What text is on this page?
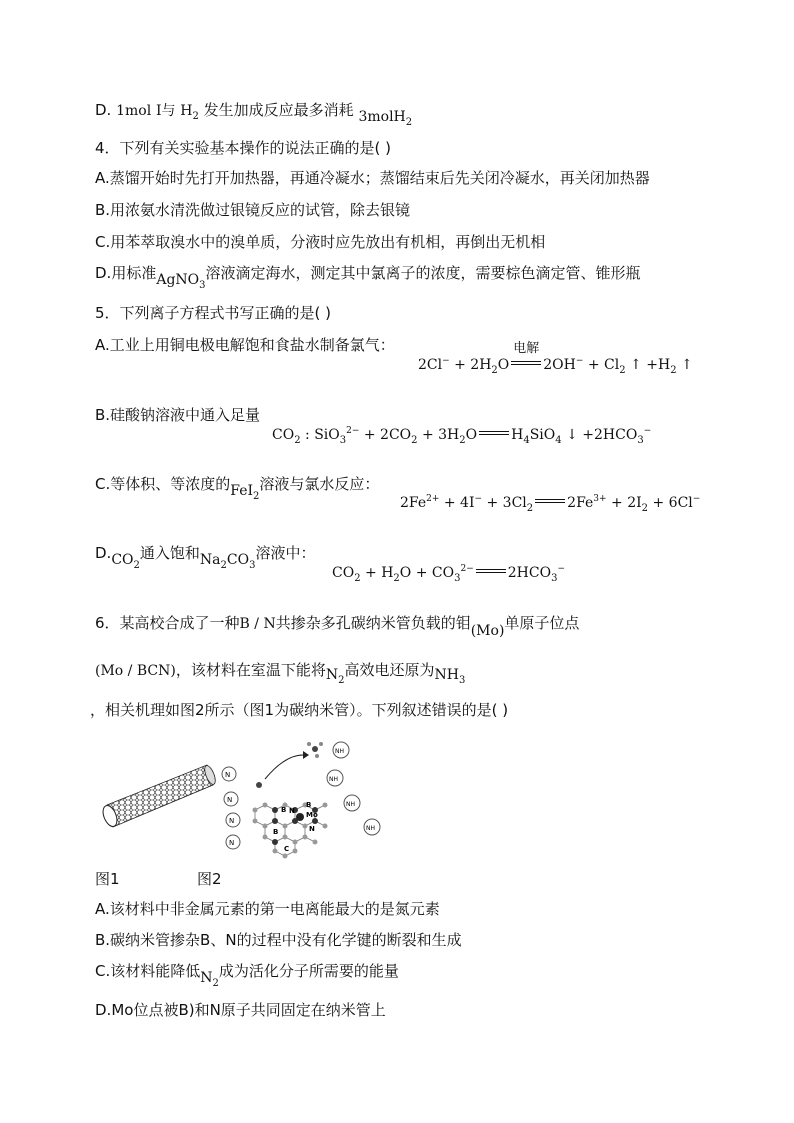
D. 1mol I与 $H_2$ 发生加成反应最多消耗 3molH$_2$
4．下列有关实验基本操作的说法正确的是( )
A.蒸馏开始时先打开加热器，再通冷凝水；蒸馏结束后先关闭冷凝水，再关闭加热器
B.用浓氨水清洗做过银镜反应的试管，除去银镜
C.用苯萃取溴水中的溴单质，分液时应先放出有机相，再倒出无机相
D.用标准AgNO$_3$溶液滴定海水，测定其中氯离子的浓度，需要棕色滴定管、锥形瓶
5．下列离子方程式书写正确的是( )
A.工业上用铜电极电解饱和食盐水制备氯气：
$2Cl^- + 2H_2O$
电解
$2OH^- + Cl_2$ ↑ $+H_2$ ↑
B.硅酸钠溶液中通入足量
$CO_2$ : $SiO_3^{2-} + 2CO_2 + 3H_2O$ $H_4SiO_4$ ↓ $+2HCO_3^-$
C.等体积、等浓度的FeI$_2$溶液与氯水反应：
$2Fe^{2+} + 4I^- + 3Cl_2$ $2Fe^{3+} + 2I_2 + 6Cl^-$
$D.CO_2$通入饱和$Na_2CO_3$溶液中：
$CO_2 + H_2O + CO_3^{2-}$ $2HCO_3^-$
6．某高校合成了一种B / N共掺杂多孔碳纳米管负载的钼(Mo)单原子位点
(Mo / BCN)，该材料在室温下能将$N_2$高效电还原为$NH_3$
，相关机理如图2所示（图1为碳纳米管）。下列叙述错误的是( )
N
N
N
N
NH
NH
NH
NH
B
B
B
Mo
N
N
C
图1	图2
A.该材料中非金属元素的第一电离能最大的是氮元素
B.碳纳米管掺杂B、N的过程中没有化学键的断裂和生成
C.该材料能降低$N_2$成为活化分子所需要的能量
D.Mo位点被B)和N原子共同固定在纳米管上
